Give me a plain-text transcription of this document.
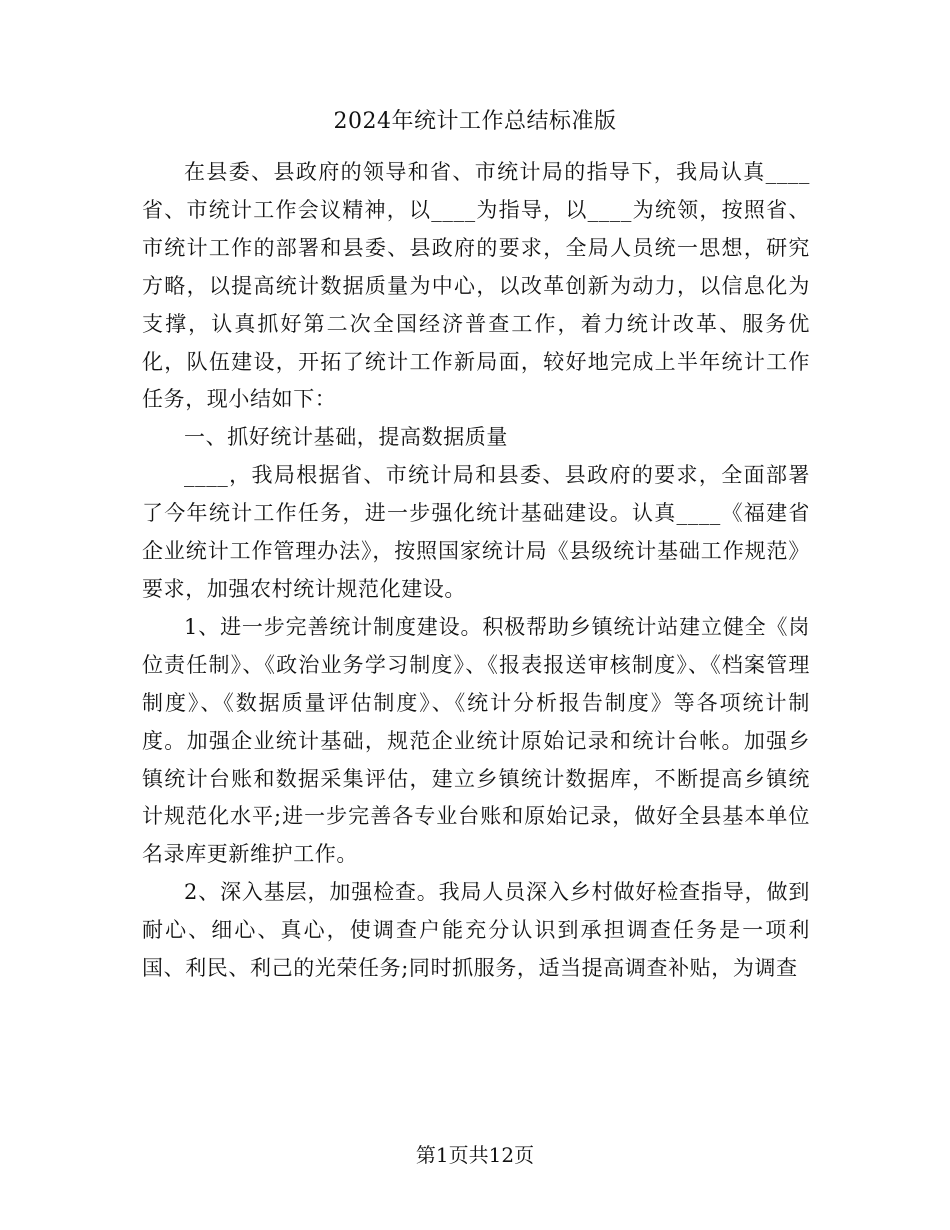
2024年统计工作总结标准版

在县委、县政府的领导和省、市统计局的指导下，我局认真____省、市统计工作会议精神，以____为指导，以____为统领，按照省、市统计工作的部署和县委、县政府的要求，全局人员统一思想，研究方略，以提高统计数据质量为中心，以改革创新为动力，以信息化为支撑，认真抓好第二次全国经济普查工作，着力统计改革、服务优化，队伍建设，开拓了统计工作新局面，较好地完成上半年统计工作任务，现小结如下：

一、抓好统计基础，提高数据质量

____，我局根据省、市统计局和县委、县政府的要求，全面部署了今年统计工作任务，进一步强化统计基础建设。认真____《福建省企业统计工作管理办法》，按照国家统计局《县级统计基础工作规范》要求，加强农村统计规范化建设。

1、进一步完善统计制度建设。积极帮助乡镇统计站建立健全《岗位责任制》、《政治业务学习制度》、《报表报送审核制度》、《档案管理制度》、《数据质量评估制度》、《统计分析报告制度》等各项统计制度。加强企业统计基础，规范企业统计原始记录和统计台帐。加强乡镇统计台账和数据采集评估，建立乡镇统计数据库，不断提高乡镇统计规范化水平;进一步完善各专业台账和原始记录，做好全县基本单位名录库更新维护工作。

2、深入基层，加强检查。我局人员深入乡村做好检查指导，做到耐心、细心、真心，使调查户能充分认识到承担调查任务是一项利国、利民、利己的光荣任务;同时抓服务，适当提高调查补贴，为调查

第1页共12页
